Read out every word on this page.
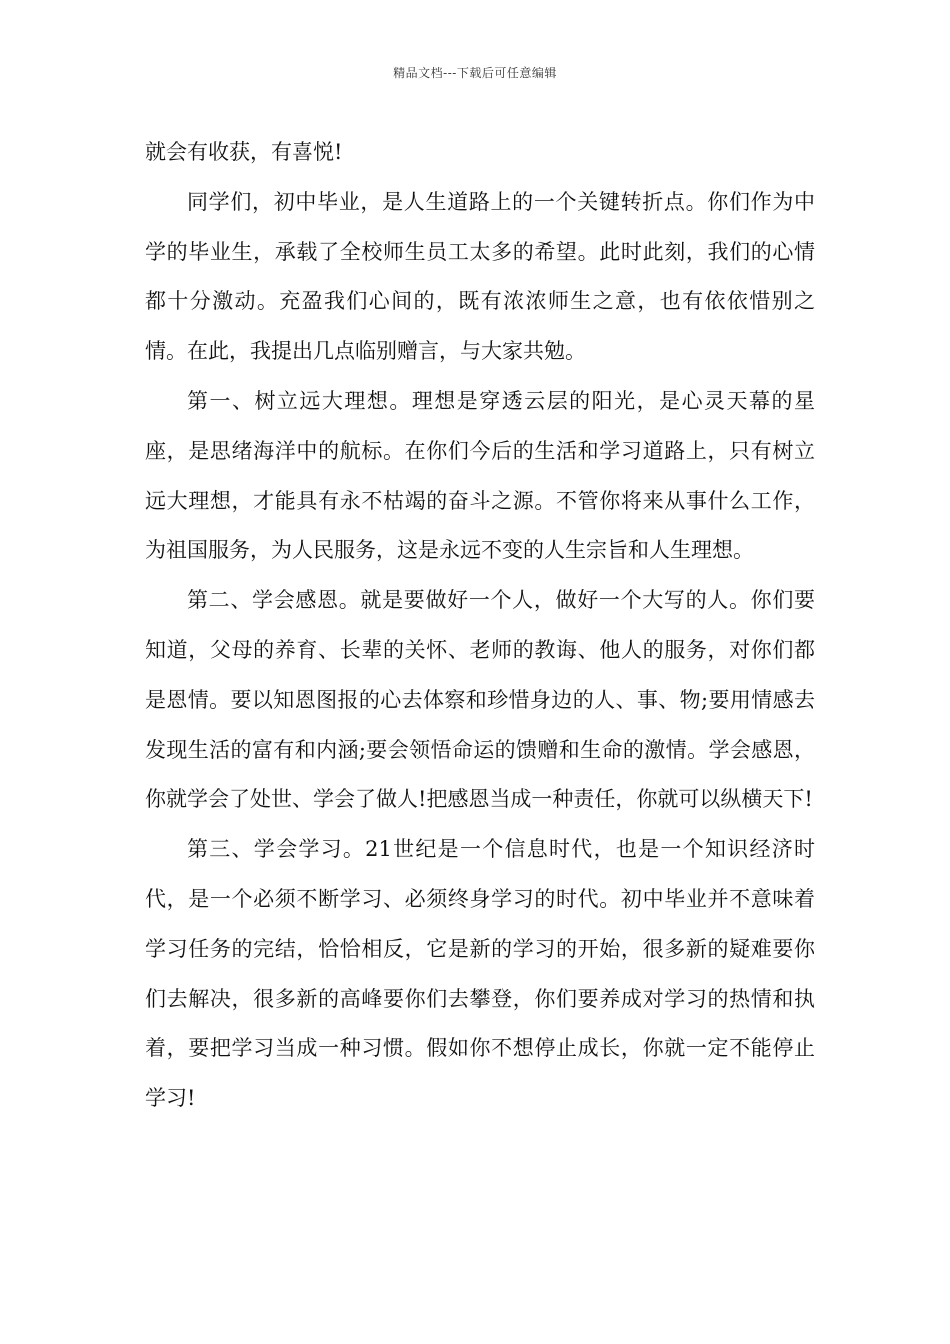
精品文档---下载后可任意编辑

就会有收获，有喜悦!

同学们，初中毕业，是人生道路上的一个关键转折点。你们作为中学的毕业生，承载了全校师生员工太多的希望。此时此刻，我们的心情都十分激动。充盈我们心间的，既有浓浓师生之意，也有依依惜别之情。在此，我提出几点临别赠言，与大家共勉。

第一、树立远大理想。理想是穿透云层的阳光，是心灵天幕的星座，是思绪海洋中的航标。在你们今后的生活和学习道路上，只有树立远大理想，才能具有永不枯竭的奋斗之源。不管你将来从事什么工作，为祖国服务，为人民服务，这是永远不变的人生宗旨和人生理想。

第二、学会感恩。就是要做好一个人，做好一个大写的人。你们要知道，父母的养育、长辈的关怀、老师的教诲、他人的服务，对你们都是恩情。要以知恩图报的心去体察和珍惜身边的人、事、物;要用情感去发现生活的富有和内涵;要会领悟命运的馈赠和生命的激情。学会感恩，你就学会了处世、学会了做人!把感恩当成一种责任，你就可以纵横天下!

第三、学会学习。21世纪是一个信息时代，也是一个知识经济时代，是一个必须不断学习、必须终身学习的时代。初中毕业并不意味着学习任务的完结，恰恰相反，它是新的学习的开始，很多新的疑难要你们去解决，很多新的高峰要你们去攀登，你们要养成对学习的热情和执着，要把学习当成一种习惯。假如你不想停止成长，你就一定不能停止学习!
